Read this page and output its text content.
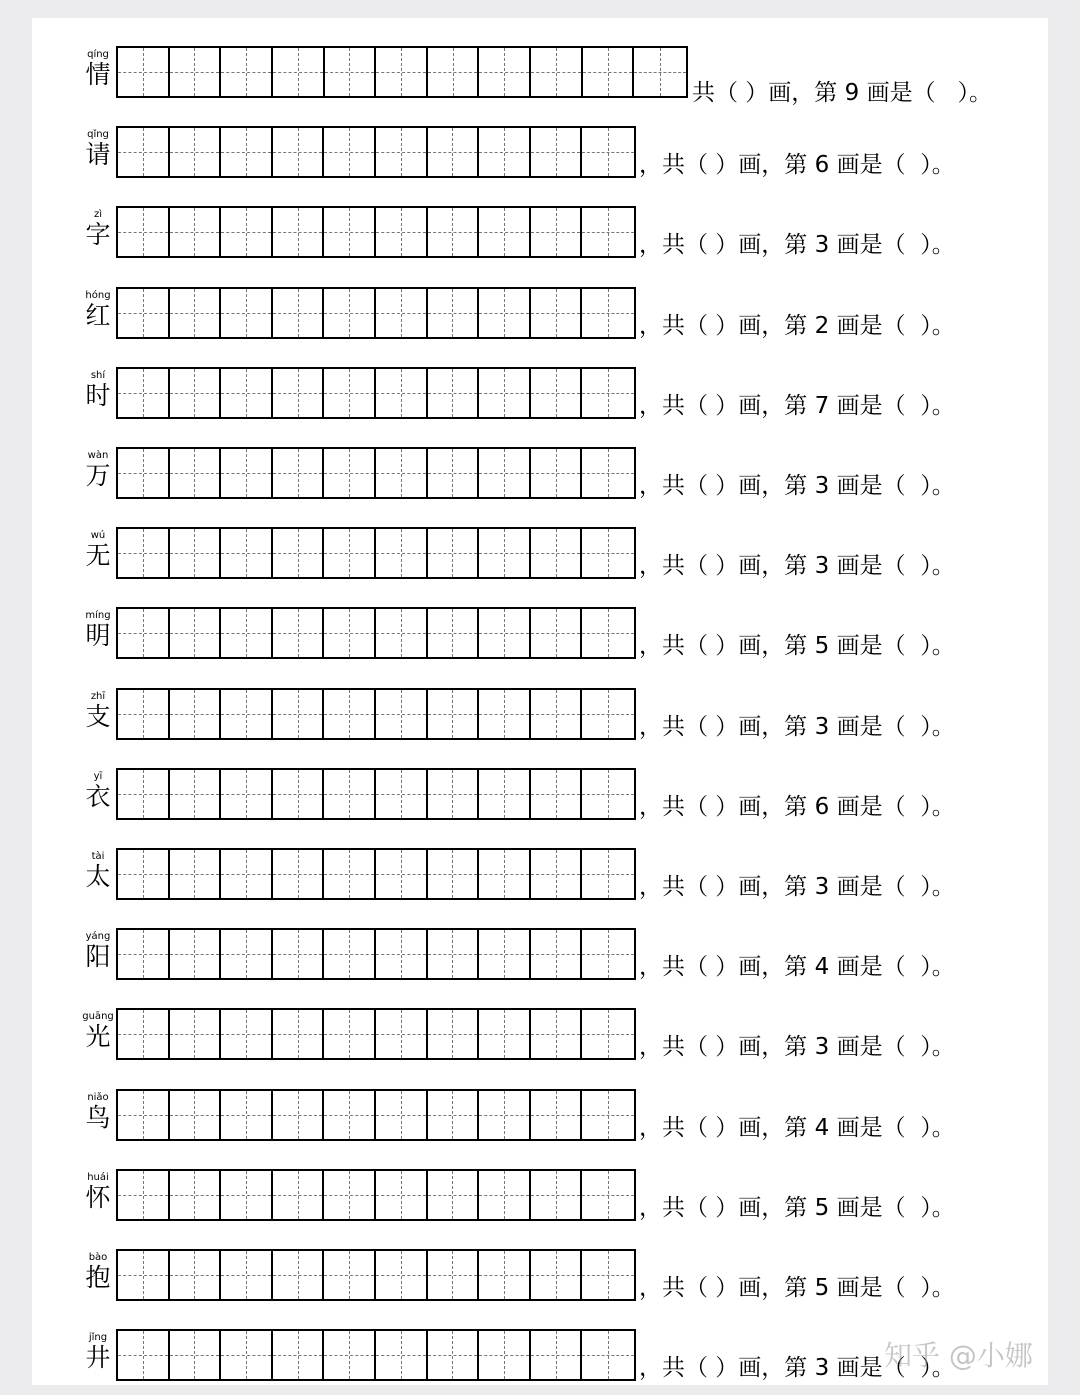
qíng
情
共（ ）画，第 9 画是（   ）。
qǐng
请	，共（ ）画，第 6 画是（  ）。
zì
字	，共（ ）画，第 3 画是（  ）。
hóng
红	，共（ ）画，第 2 画是（  ）。
shí
时	，共（ ）画，第 7 画是（  ）。
wàn
万	，共（ ）画，第 3 画是（  ）。
wú
无	，共（ ）画，第 3 画是（  ）。
míng
明	，共（ ）画，第 5 画是（  ）。
zhī
支	，共（ ）画，第 3 画是（  ）。
yī
衣	，共（ ）画，第 6 画是（  ）。
tài
太	，共（ ）画，第 3 画是（  ）。
yáng
阳	，共（ ）画，第 4 画是（  ）。
guāng
光	，共（ ）画，第 3 画是（  ）。
niǎo
鸟	，共（ ）画，第 4 画是（  ）。
huái
怀	，共（ ）画，第 5 画是（  ）。
bào
抱	，共（ ）画，第 5 画是（  ）。
jǐng
井	，共（ ）画，第 3 画是（  ）。
知乎 @小娜
